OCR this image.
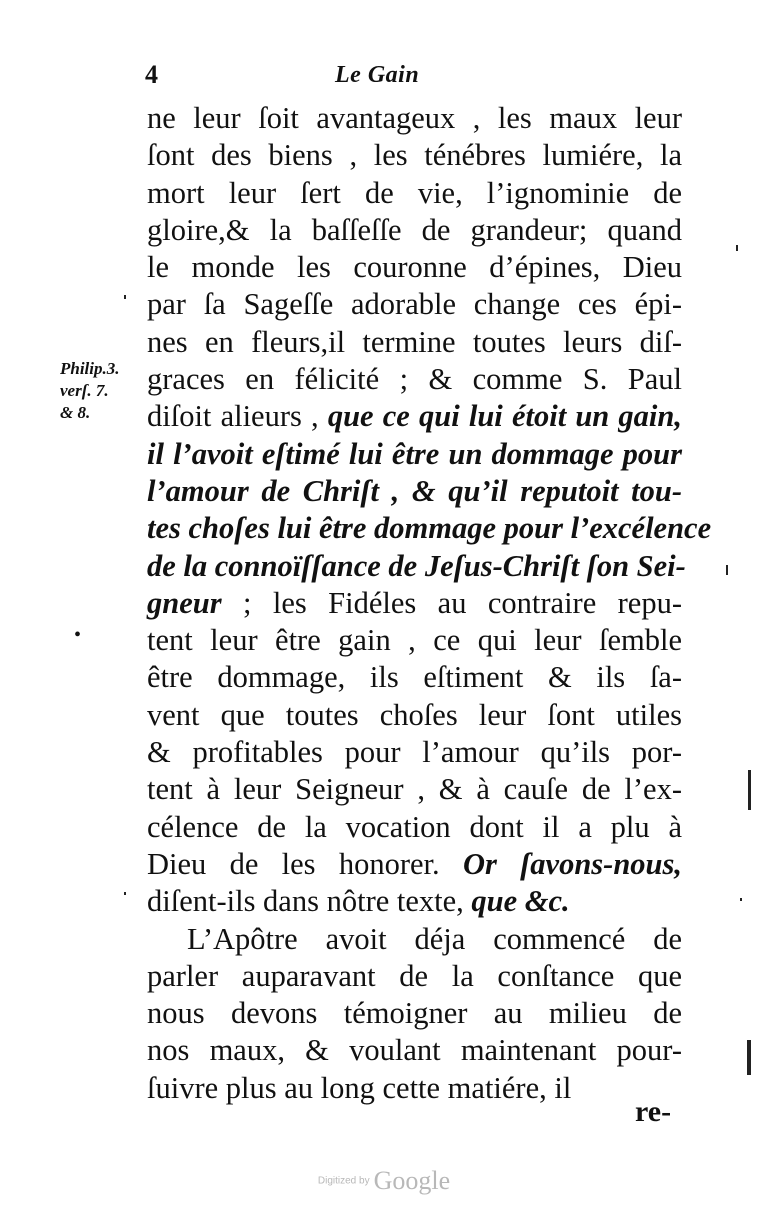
4	Le Gain
Philip.3.
verſ. 7.
& 8.
•
ne leur ſoit avantageux , les maux leur
ſont des biens , les ténébres lumiére, la
mort leur ſert de vie, l’ignominie de
gloire,& la baſſeſſe de grandeur; quand
le monde les couronne d’épines, Dieu
par ſa Sageſſe adorable change ces épi-
nes en fleurs,il termine toutes leurs diſ-
graces en félicité ; & comme S. Paul
diſoit alieurs , que ce qui lui étoit un gain,
il l’avoit eſtimé lui être un dommage pour
l’amour de Chriſt , & qu’il reputoit tou-
tes choſes lui être dommage pour l’excélence
de la connoïſſance de Jeſus-Chriſt ſon Sei-
gneur ; les Fidéles au contraire repu-
tent leur être gain , ce qui leur ſemble
être dommage, ils eſtiment & ils ſa-
vent que toutes choſes leur ſont utiles
& profitables pour l’amour qu’ils por-
tent à leur Seigneur , & à cauſe de l’ex-
célence de la vocation dont il a plu à
Dieu de les honorer. Or ſavons-nous,
diſent-ils dans nôtre texte, que &c.
L’Apôtre avoit déja commencé de
parler auparavant de la conſtance que
nous devons témoigner au milieu de
nos maux, & voulant maintenant pour-
ſuivre plus au long cette matiére, il
re-
Digitized by Google
